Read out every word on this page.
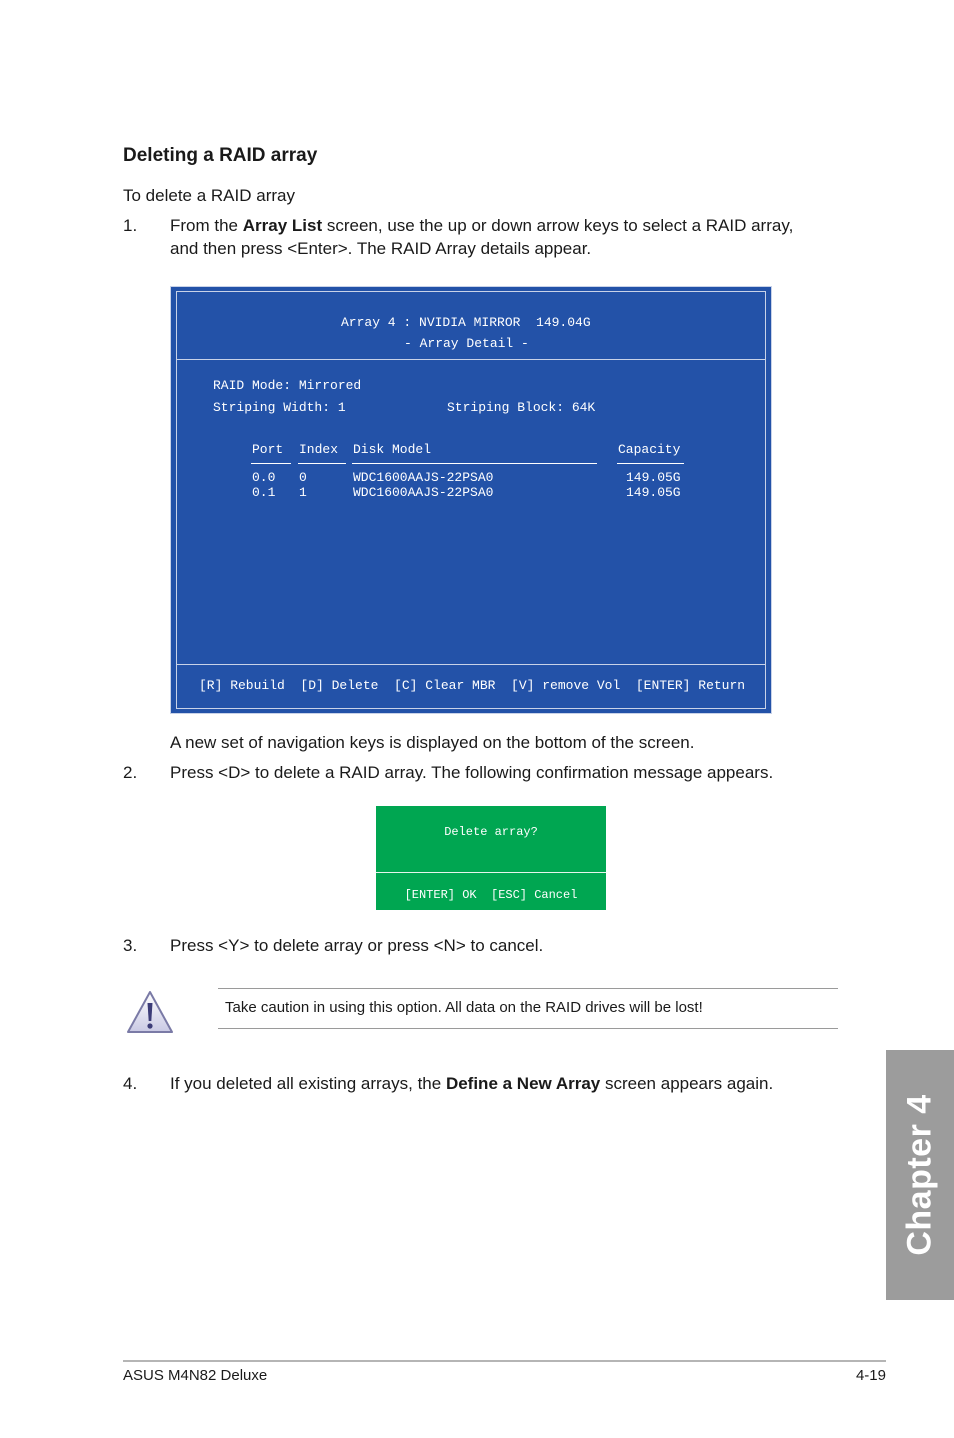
Deleting a RAID array
To delete a RAID array
1. From the Array List screen, use the up or down arrow keys to select a RAID array,
and then press <Enter>. The RAID Array details appear.
Array 4 : NVIDIA MIRROR  149.04G
- Array Detail -
RAID Mode: Mirrored
Striping Width: 1	Striping Block: 64K
Port Index Disk Model	Capacity
0.0 0	WDC1600AAJS-22PSA0	149.05G
0.1 1	WDC1600AAJS-22PSA0	149.05G
[R] Rebuild  [D] Delete  [C] Clear MBR  [V] remove Vol  [ENTER] Return
A new set of navigation keys is displayed on the bottom of the screen.
2. Press <D> to delete a RAID array. The following confirmation message appears.
Delete array?
[ENTER] OK  [ESC] Cancel
3. Press <Y> to delete array or press <N> to cancel.
Take caution in using this option. All data on the RAID drives will be lost!
4. If you deleted all existing arrays, the Define a New Array screen appears again.
Chapter 4
ASUS M4N82 Deluxe	4-19
